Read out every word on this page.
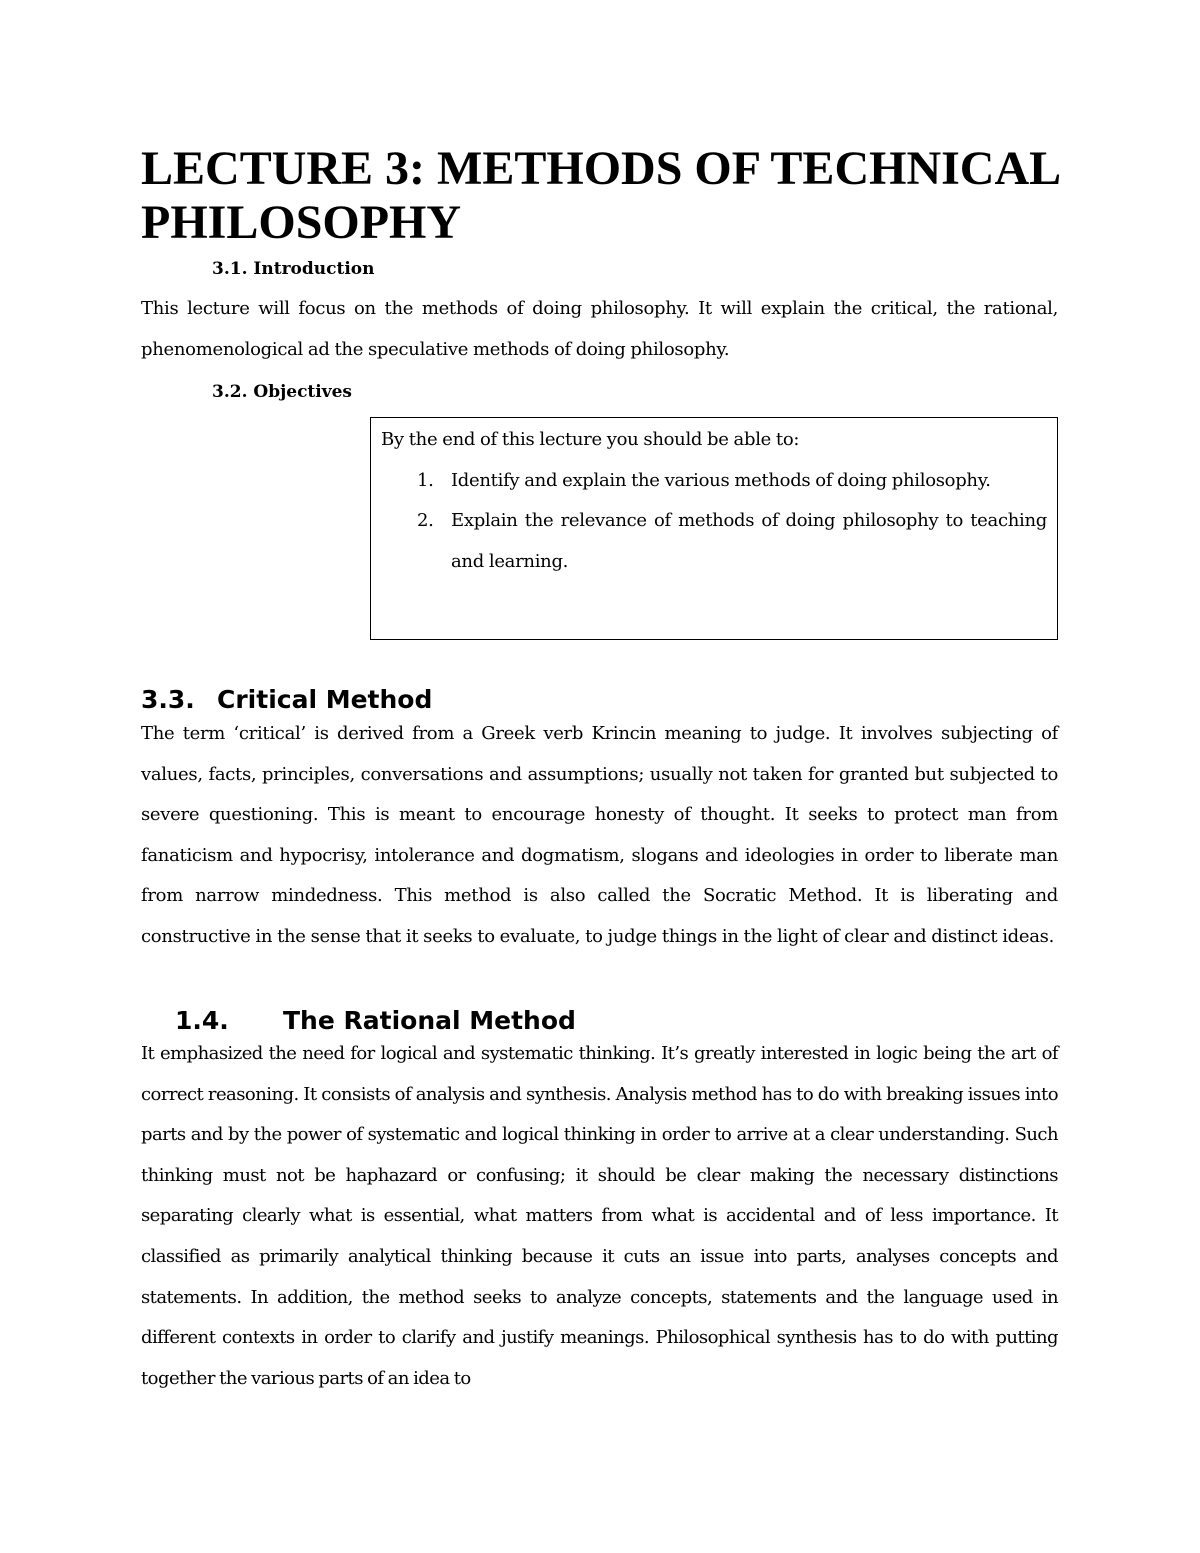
LECTURE 3: METHODS OF TECHNICAL PHILOSOPHY

3.1. Introduction

This lecture will focus on the methods of doing philosophy. It will explain the critical, the rational, phenomenological ad the speculative methods of doing philosophy.

3.2. Objectives

By the end of this lecture you should be able to:

1. Identify and explain the various methods of doing philosophy.
2. Explain the relevance of methods of doing philosophy to teaching and learning.
3.3. Critical Method

The term ‘critical’ is derived from a Greek verb Krincin meaning to judge. It involves subjecting of values, facts, principles, conversations and assumptions; usually not taken for granted but subjected to severe questioning. This is meant to encourage honesty of thought. It seeks to protect man from fanaticism and hypocrisy, intolerance and dogmatism, slogans and ideologies in order to liberate man from narrow mindedness. This method is also called the Socratic Method. It is liberating and constructive in the sense that it seeks to evaluate, to judge things in the light of clear and distinct ideas.

1.4. The Rational Method

It emphasized the need for logical and systematic thinking. It’s greatly interested in logic being the art of correct reasoning. It consists of analysis and synthesis. Analysis method has to do with breaking issues into parts and by the power of systematic and logical thinking in order to arrive at a clear understanding. Such thinking must not be haphazard or confusing; it should be clear making the necessary distinctions separating clearly what is essential, what matters from what is accidental and of less importance. It classified as primarily analytical thinking because it cuts an issue into parts, analyses concepts and statements. In addition, the method seeks to analyze concepts, statements and the language used in different contexts in order to clarify and justify meanings. Philosophical synthesis has to do with putting together the various parts of an idea to
